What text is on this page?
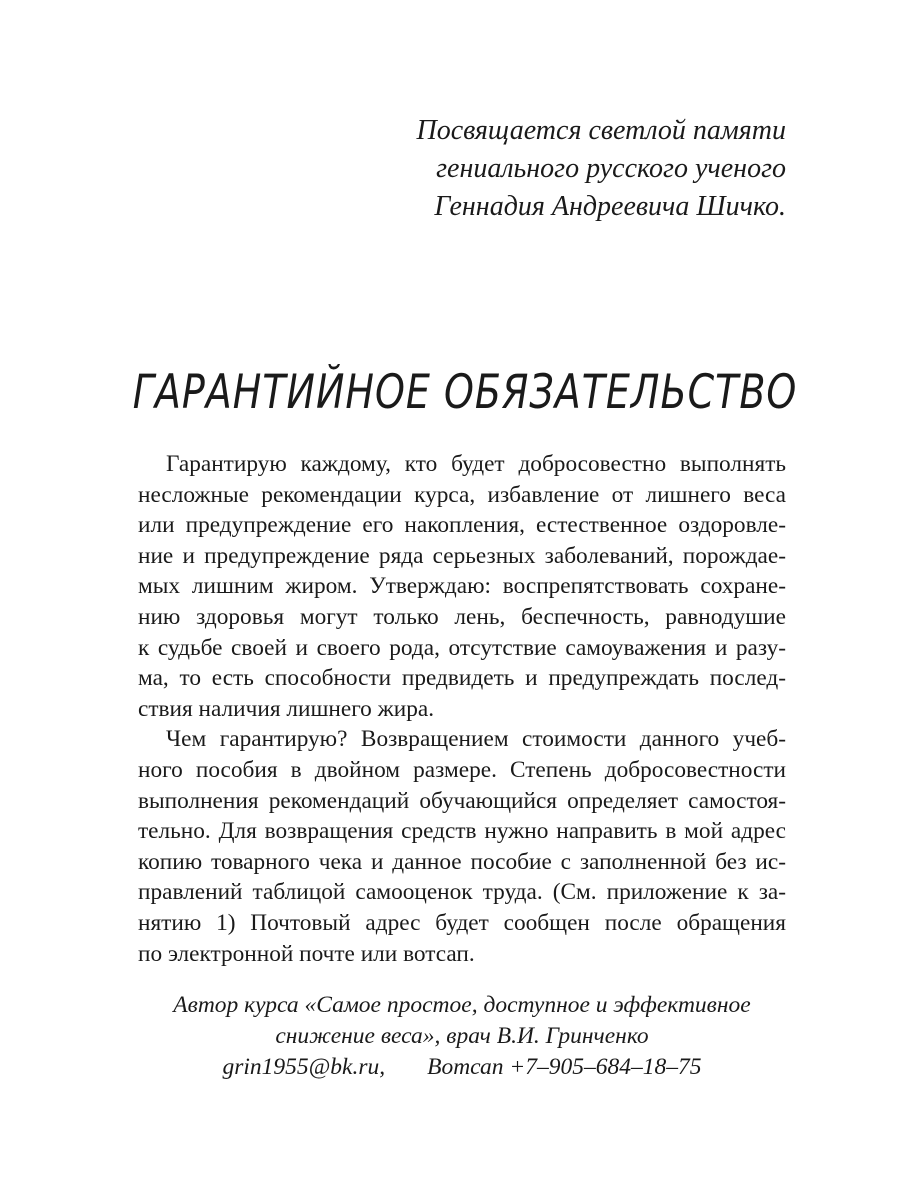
Посвящается светлой памяти
гениального русского ученого
Геннадия Андреевича Шичко.
ГАРАНТИЙНОЕ ОБЯЗАТЕЛЬСТВО
Гарантирую каждому, кто будет добросовестно выполнять
несложные рекомендации курса, избавление от лишнего веса
или предупреждение его накопления, естественное оздоровле-
ние и предупреждение ряда серьезных заболеваний, порождае-
мых лишним жиром. Утверждаю: воспрепятствовать сохране-
нию здоровья могут только лень, беспечность, равнодушие
к судьбе своей и своего рода, отсутствие самоуважения и разу-
ма, то есть способности предвидеть и предупреждать послед-
ствия наличия лишнего жира.
Чем гарантирую? Возвращением стоимости данного учеб-
ного пособия в двойном размере. Степень добросовестности
выполнения рекомендаций обучающийся определяет самостоя-
тельно. Для возвращения средств нужно направить в мой адрес
копию товарного чека и данное пособие с заполненной без ис-
правлений таблицой самооценок труда. (См. приложение к за-
нятию 1) Почтовый адрес будет сообщен после обращения
по электронной почте или вотсап.
Автор курса «Самое простое, доступное и эффективное
снижение веса», врач В.И. Гринченко
grin1955@bk.ru, Вотсап +7–905–684–18–75
